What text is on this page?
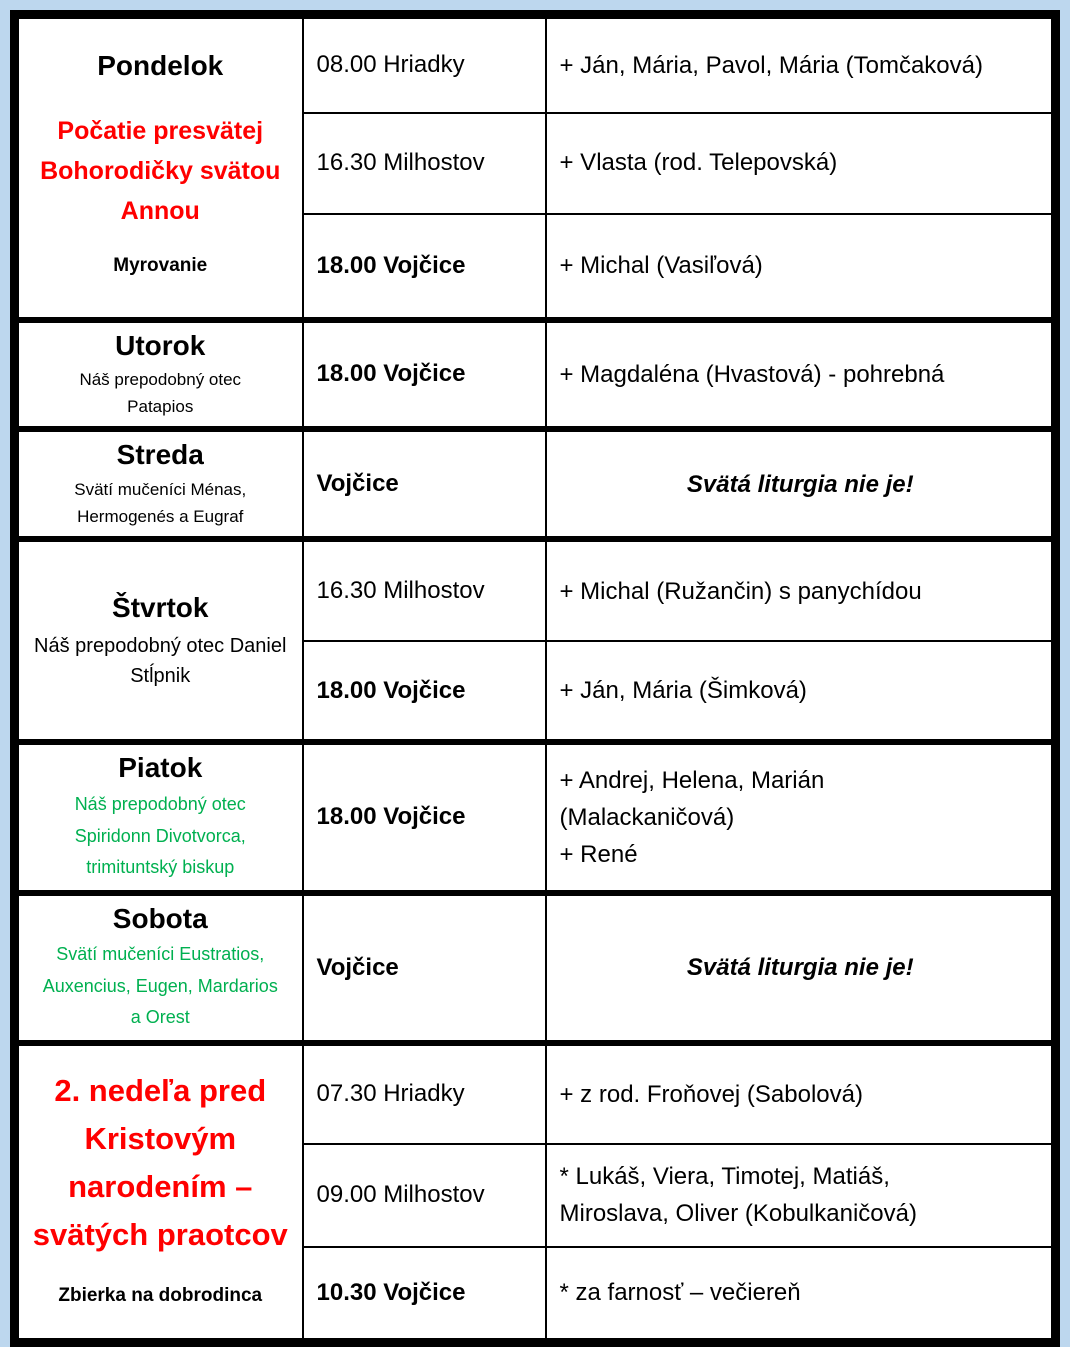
Pondelok
Počatie presvätej
Bohorodičky svätou
Annou
Myrovanie	08.00 Hriadky	+ Ján, Mária, Pavol, Mária (Tomčaková)
	16.30 Milhostov	+ Vlasta (rod. Telepovská)
	18.00 Vojčice	+ Michal (Vasiľová)

Utorok
Náš prepodobný otec
Patapios	18.00 Vojčice	+ Magdaléna (Hvastová) - pohrebná

Streda
Svätí mučeníci Ménas,
Hermogenés a Eugraf	Vojčice	Svätá liturgia nie je!

Štvrtok
Náš prepodobný otec Daniel
Stĺpnik	16.30 Milhostov	+ Michal (Ružančin) s panychídou
	18.00 Vojčice	+ Ján, Mária (Šimková)

Piatok
Náš prepodobný otec
Spiridonn Divotvorca,
trimituntský biskup
	18.00 Vojčice	+ Andrej, Helena, Marián
(Malackaničová)
+ René

Sobota
Svätí mučeníci Eustratios,
Auxencius, Eugen, Mardarios
a Orest	Vojčice	Svätá liturgia nie je!

2. nedeľa pred
Kristovým
narodením –
svätých praotcov
Zbierka na dobrodinca	07.30 Hriadky	+ z rod. Froňovej (Sabolová)
	09.00 Milhostov	* Lukáš, Viera, Timotej, Matiáš,
Miroslava, Oliver (Kobulkaničová)
	10.30 Vojčice	* za farnosť – večiereň
